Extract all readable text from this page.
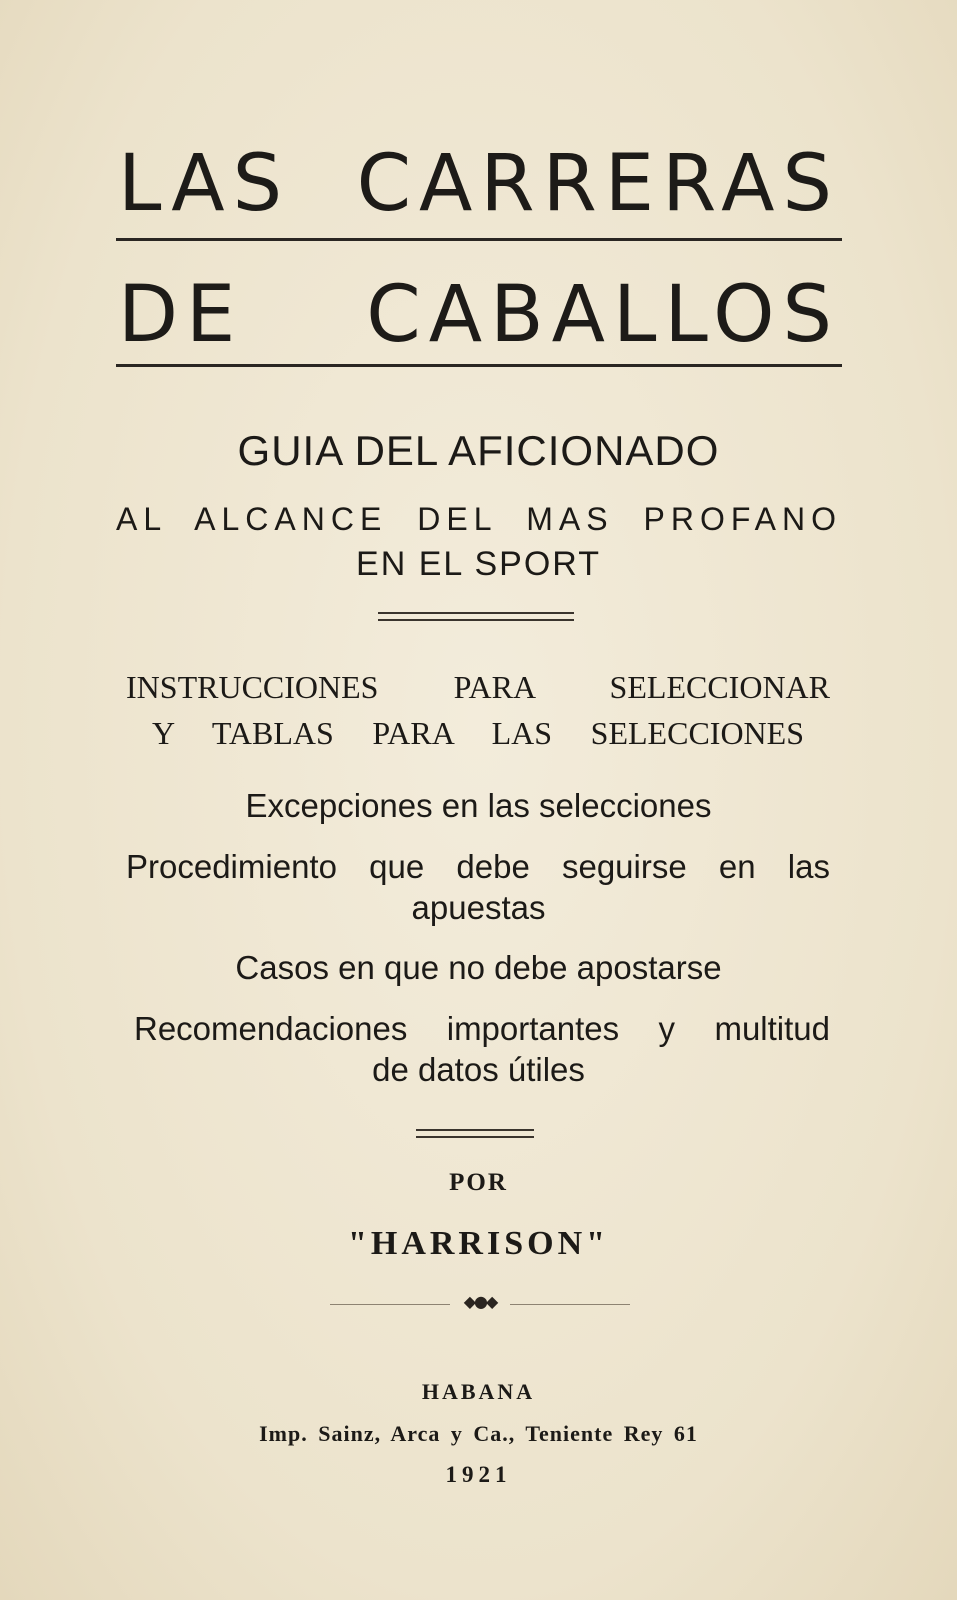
LAS CARRERAS
DE CABALLOS
GUIA DEL AFICIONADO
AL ALCANCE DEL MAS PROFANO
EN EL SPORT
INSTRUCCIONES PARA SELECCIONAR
Y TABLAS PARA LAS SELECCIONES
Excepciones en las selecciones
Procedimiento que debe seguirse en las
apuestas
Casos en que no debe apostarse
Recomendaciones importantes y multitud
de datos útiles
POR
"HARRISON"
◆●◆
HABANA
Imp. Sainz, Arca y Ca., Teniente Rey 61
1921
